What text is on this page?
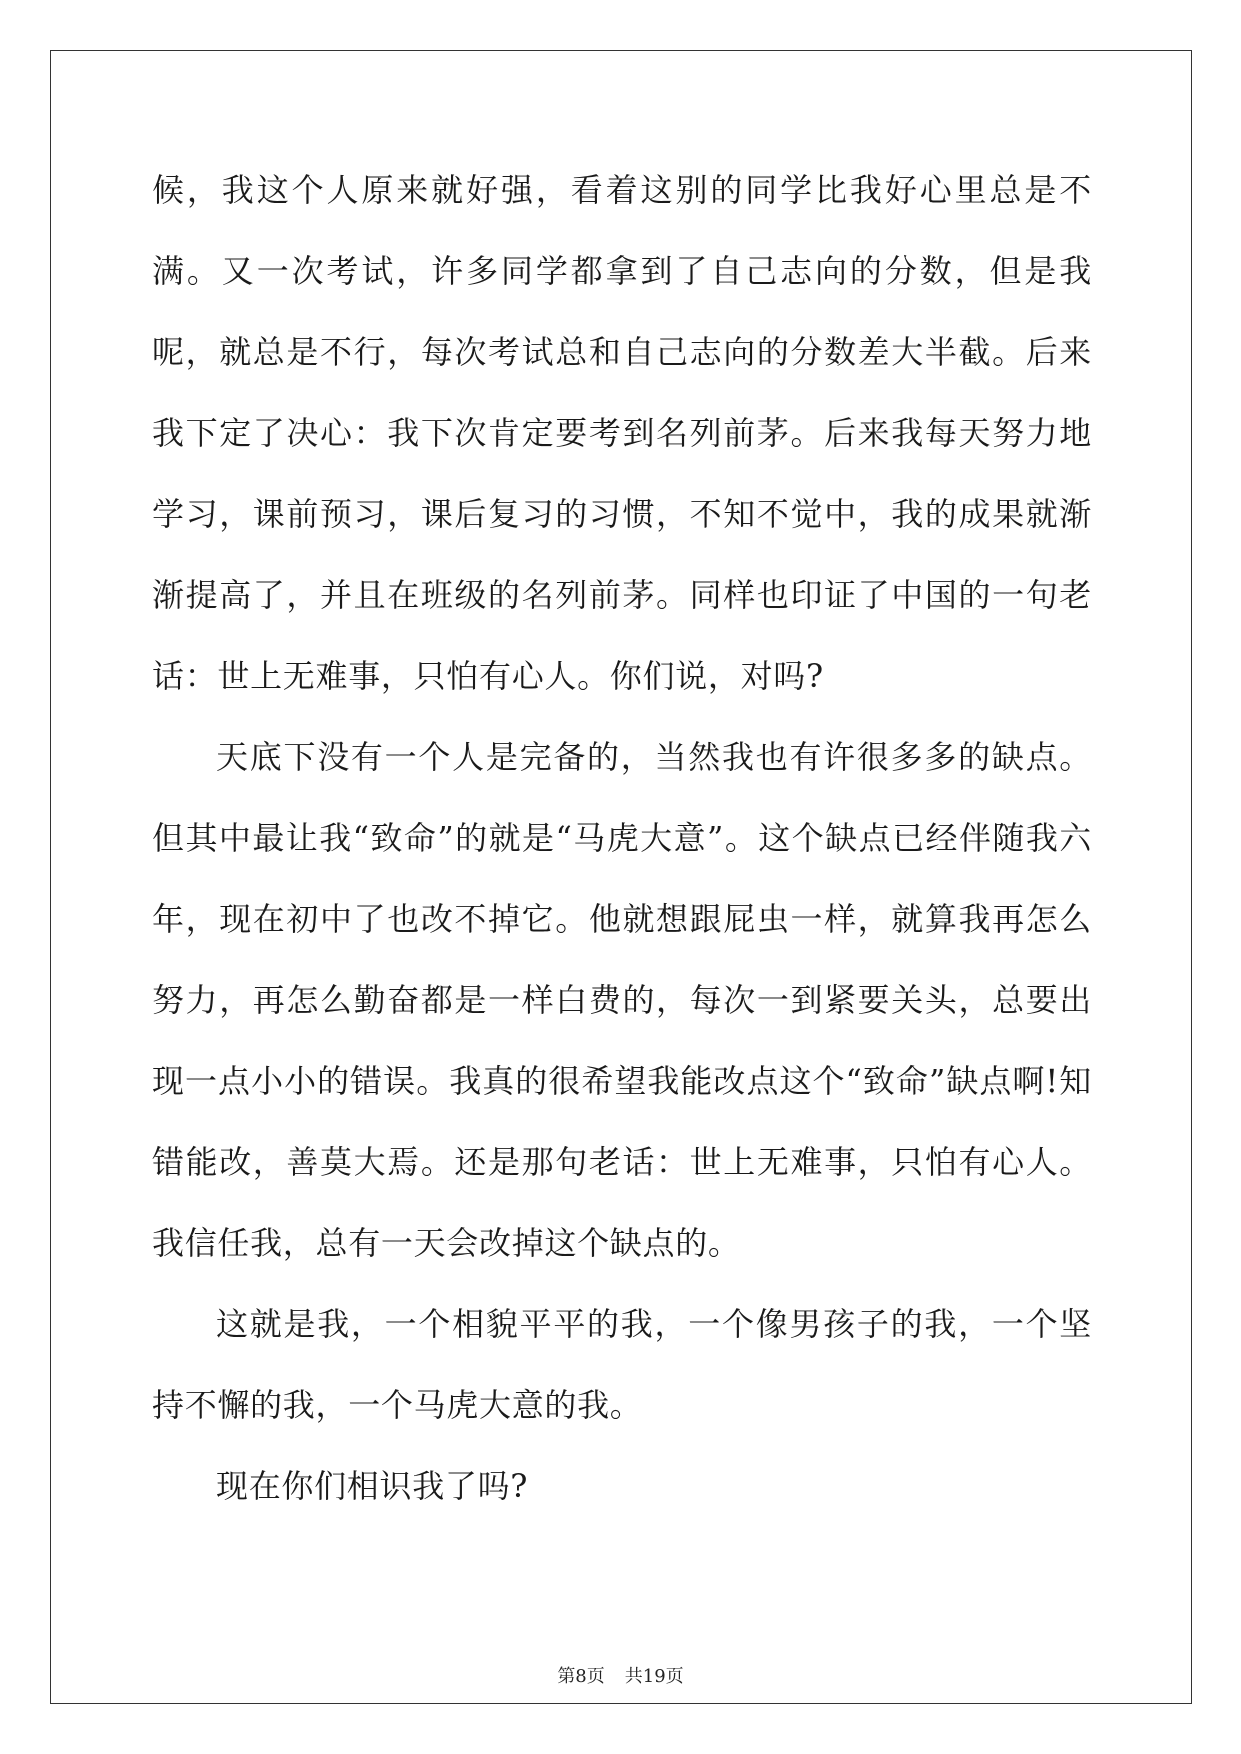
候，我这个人原来就好强，看着这别的同学比我好心里总是不满。又一次考试，许多同学都拿到了自己志向的分数，但是我呢，就总是不行，每次考试总和自己志向的分数差大半截。后来我下定了决心：我下次肯定要考到名列前茅。后来我每天努力地学习，课前预习，课后复习的习惯，不知不觉中，我的成果就渐渐提高了，并且在班级的名列前茅。同样也印证了中国的一句老话：世上无难事，只怕有心人。你们说，对吗?

天底下没有一个人是完备的，当然我也有许很多多的缺点。但其中最让我“致命”的就是“马虎大意”。这个缺点已经伴随我六年，现在初中了也改不掉它。他就想跟屁虫一样，就算我再怎么努力，再怎么勤奋都是一样白费的，每次一到紧要关头，总要出现一点小小的错误。我真的很希望我能改点这个“致命”缺点啊!知错能改，善莫大焉。还是那句老话：世上无难事，只怕有心人。我信任我，总有一天会改掉这个缺点的。

这就是我，一个相貌平平的我，一个像男孩子的我，一个坚持不懈的我，一个马虎大意的我。

现在你们相识我了吗?

第8页 共19页
